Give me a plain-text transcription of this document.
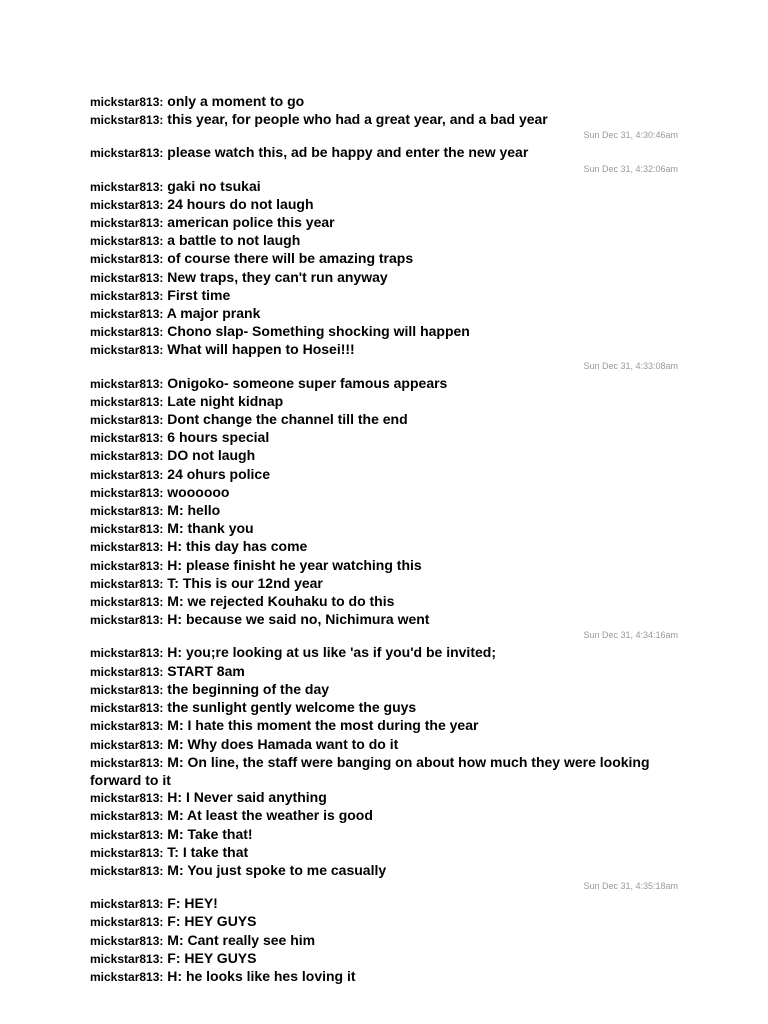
mickstar813: only a moment to go
mickstar813: this year, for people who had a great year, and a bad year
Sun Dec 31, 4:30:46am
mickstar813: please watch this, ad be happy and enter the new year
Sun Dec 31, 4:32:06am
mickstar813: gaki no tsukai
mickstar813: 24 hours do not laugh
mickstar813: american police this year
mickstar813: a battle to not laugh
mickstar813: of course there will be amazing traps
mickstar813: New traps, they can't run anyway
mickstar813: First time
mickstar813: A major prank
mickstar813: Chono slap- Something shocking will happen
mickstar813: What will happen to Hosei!!!
Sun Dec 31, 4:33:08am
mickstar813: Onigoko- someone super famous appears
mickstar813: Late night kidnap
mickstar813: Dont change the channel till the end
mickstar813: 6 hours special
mickstar813: DO not laugh
mickstar813: 24 ohurs police
mickstar813: woooooo
mickstar813: M: hello
mickstar813: M: thank you
mickstar813: H: this day has come
mickstar813: H: please finisht he year watching this
mickstar813: T: This is our 12nd year
mickstar813: M: we rejected Kouhaku to do this
mickstar813: H: because we said no, Nichimura went
Sun Dec 31, 4:34:16am
mickstar813: H: you;re looking at us like 'as if you'd be invited;
mickstar813: START 8am
mickstar813: the beginning of the day
mickstar813: the sunlight gently welcome the guys
mickstar813: M: I hate this moment the most during the year
mickstar813: M: Why does Hamada want to do it
mickstar813: M: On line, the staff were banging on about how much they were looking forward to it
mickstar813: H: I Never said anything
mickstar813: M: At least the weather is good
mickstar813: M: Take that!
mickstar813: T: I take that
mickstar813: M: You just spoke to me casually
Sun Dec 31, 4:35:18am
mickstar813: F: HEY!
mickstar813: F: HEY GUYS
mickstar813: M: Cant really see him
mickstar813: F: HEY GUYS
mickstar813: H: he looks like hes loving it
